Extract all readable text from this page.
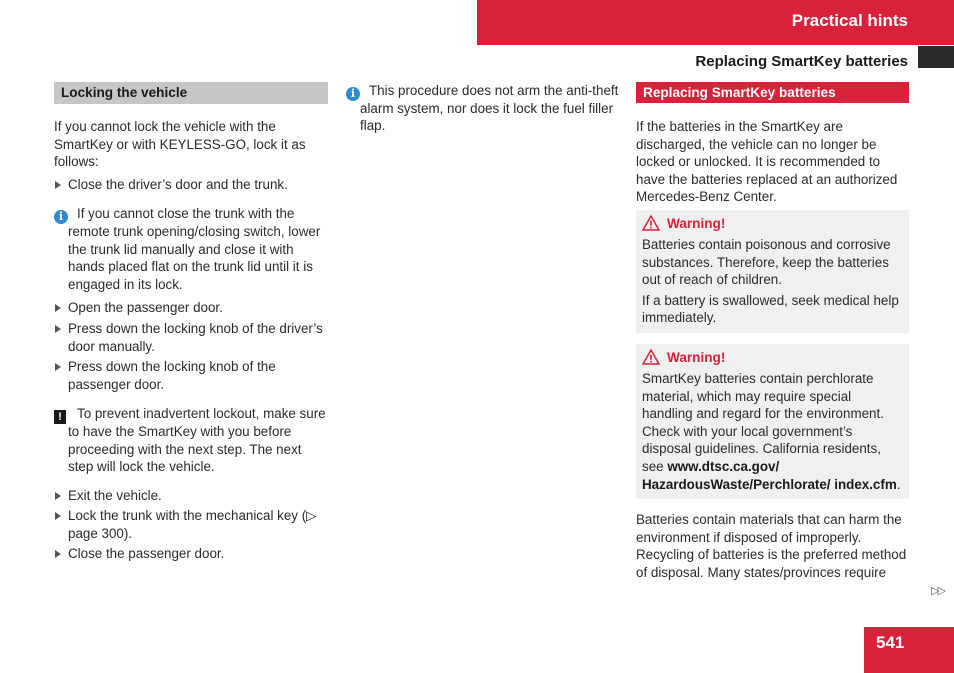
Practical hints
Replacing SmartKey batteries
Locking the vehicle

If you cannot lock the vehicle with the SmartKey or with KEYLESS-GO, lock it as follows:

Close the driver’s door and the trunk.
i	If you cannot close the trunk with the remote trunk opening/closing switch, lower the trunk lid manually and close it with hands placed flat on the trunk lid until it is engaged in its lock.
Open the passenger door.
Press down the locking knob of the driver’s door manually.
Press down the locking knob of the passenger door.
!	To prevent inadvertent lockout, make sure to have the SmartKey with you before proceeding with the next step. The next step will lock the vehicle.
Exit the vehicle.
Lock the trunk with the mechanical key (▷ page 300).
Close the passenger door.
i	This procedure does not arm the anti-theft alarm system, nor does it lock the fuel filler flap.
Replacing SmartKey batteries

If the batteries in the SmartKey are discharged, the vehicle can no longer be locked or unlocked. It is recommended to have the batteries replaced at an authorized Mercedes-Benz Center.

Warning!

Batteries contain poisonous and corrosive substances. Therefore, keep the batteries out of reach of children.

If a battery is swallowed, seek medical help immediately.

Warning!

SmartKey batteries contain perchlorate material, which may require special handling and regard for the environment. Check with your local government’s disposal guidelines. California residents, see www.dtsc.ca.gov/ HazardousWaste/Perchlorate/ index.cfm.

Batteries contain materials that can harm the environment if disposed of improperly. Recycling of batteries is the preferred method of disposal. Many states/provinces require

▷▷
541
